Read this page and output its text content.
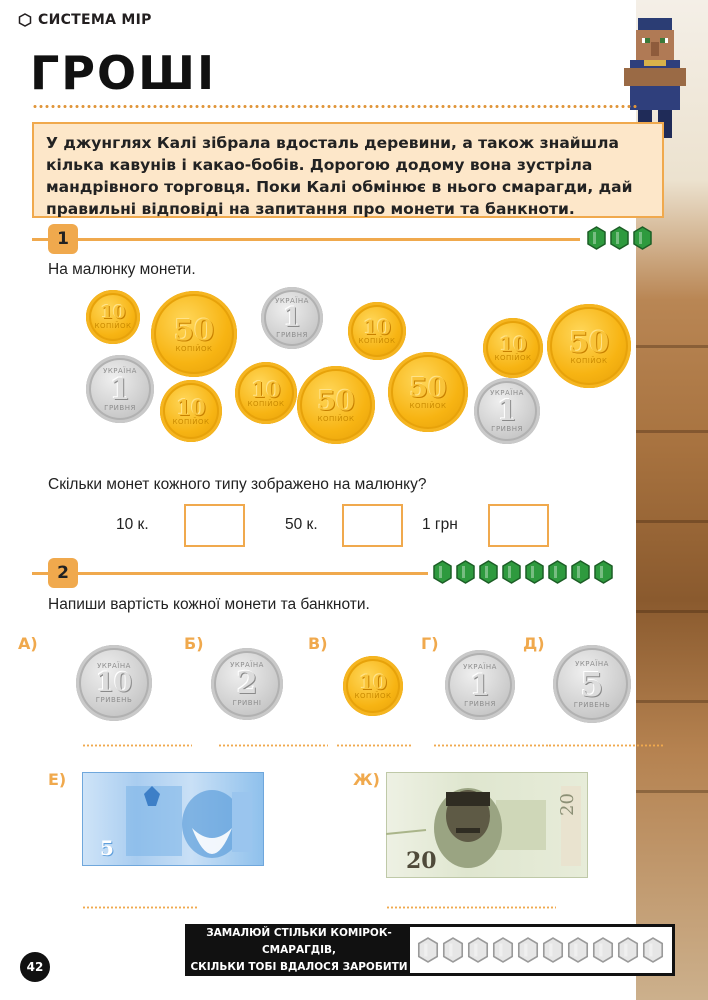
СИСТЕМА МІР
ГРОШІ
У джунглях Калі зібрала вдосталь деревини, а також знайшла кілька кавунів і какао-бобів. Дорогою додому вона зустріла мандрівного торговця. Поки Калі обмінює в нього смарагди, дай правильні відповіді на запитання про монети та банкноти.
1
На малюнку монети.
10
КОПІЙОК 50
КОПІЙОК
УКРАЇНА
1
ГРИВНЯ	10
КОПІЙОК	10
КОПІЙОК 50
КОПІЙОК
УКРАЇНА
1
ГРИВНЯ 10
КОПІЙОК
10
КОПІЙОК 50
КОПІЙОК
50
КОПІЙОК
УКРАЇНА
1
ГРИВНЯ
Скільки монет кожного типу зображено на малюнку?
10 к.	50 к.	1 грн
2
Напиши вартість кожної монети та банкноти.
А)
УКРАЇНА
10
ГРИВЕНЬ
Б)
УКРАЇНА
2
ГРИВНІ
В)
10
КОПІЙОК
Г)
УКРАЇНА
1
ГРИВНЯ
Д)
УКРАЇНА
5
ГРИВЕНЬ
Е)
5
Ж)
20
20
ЗАМАЛЮЙ СТІЛЬКИ КОМІРОК-СМАРАГДІВ,
СКІЛЬКИ ТОБІ ВДАЛОСЯ ЗАРОБИТИ
42
